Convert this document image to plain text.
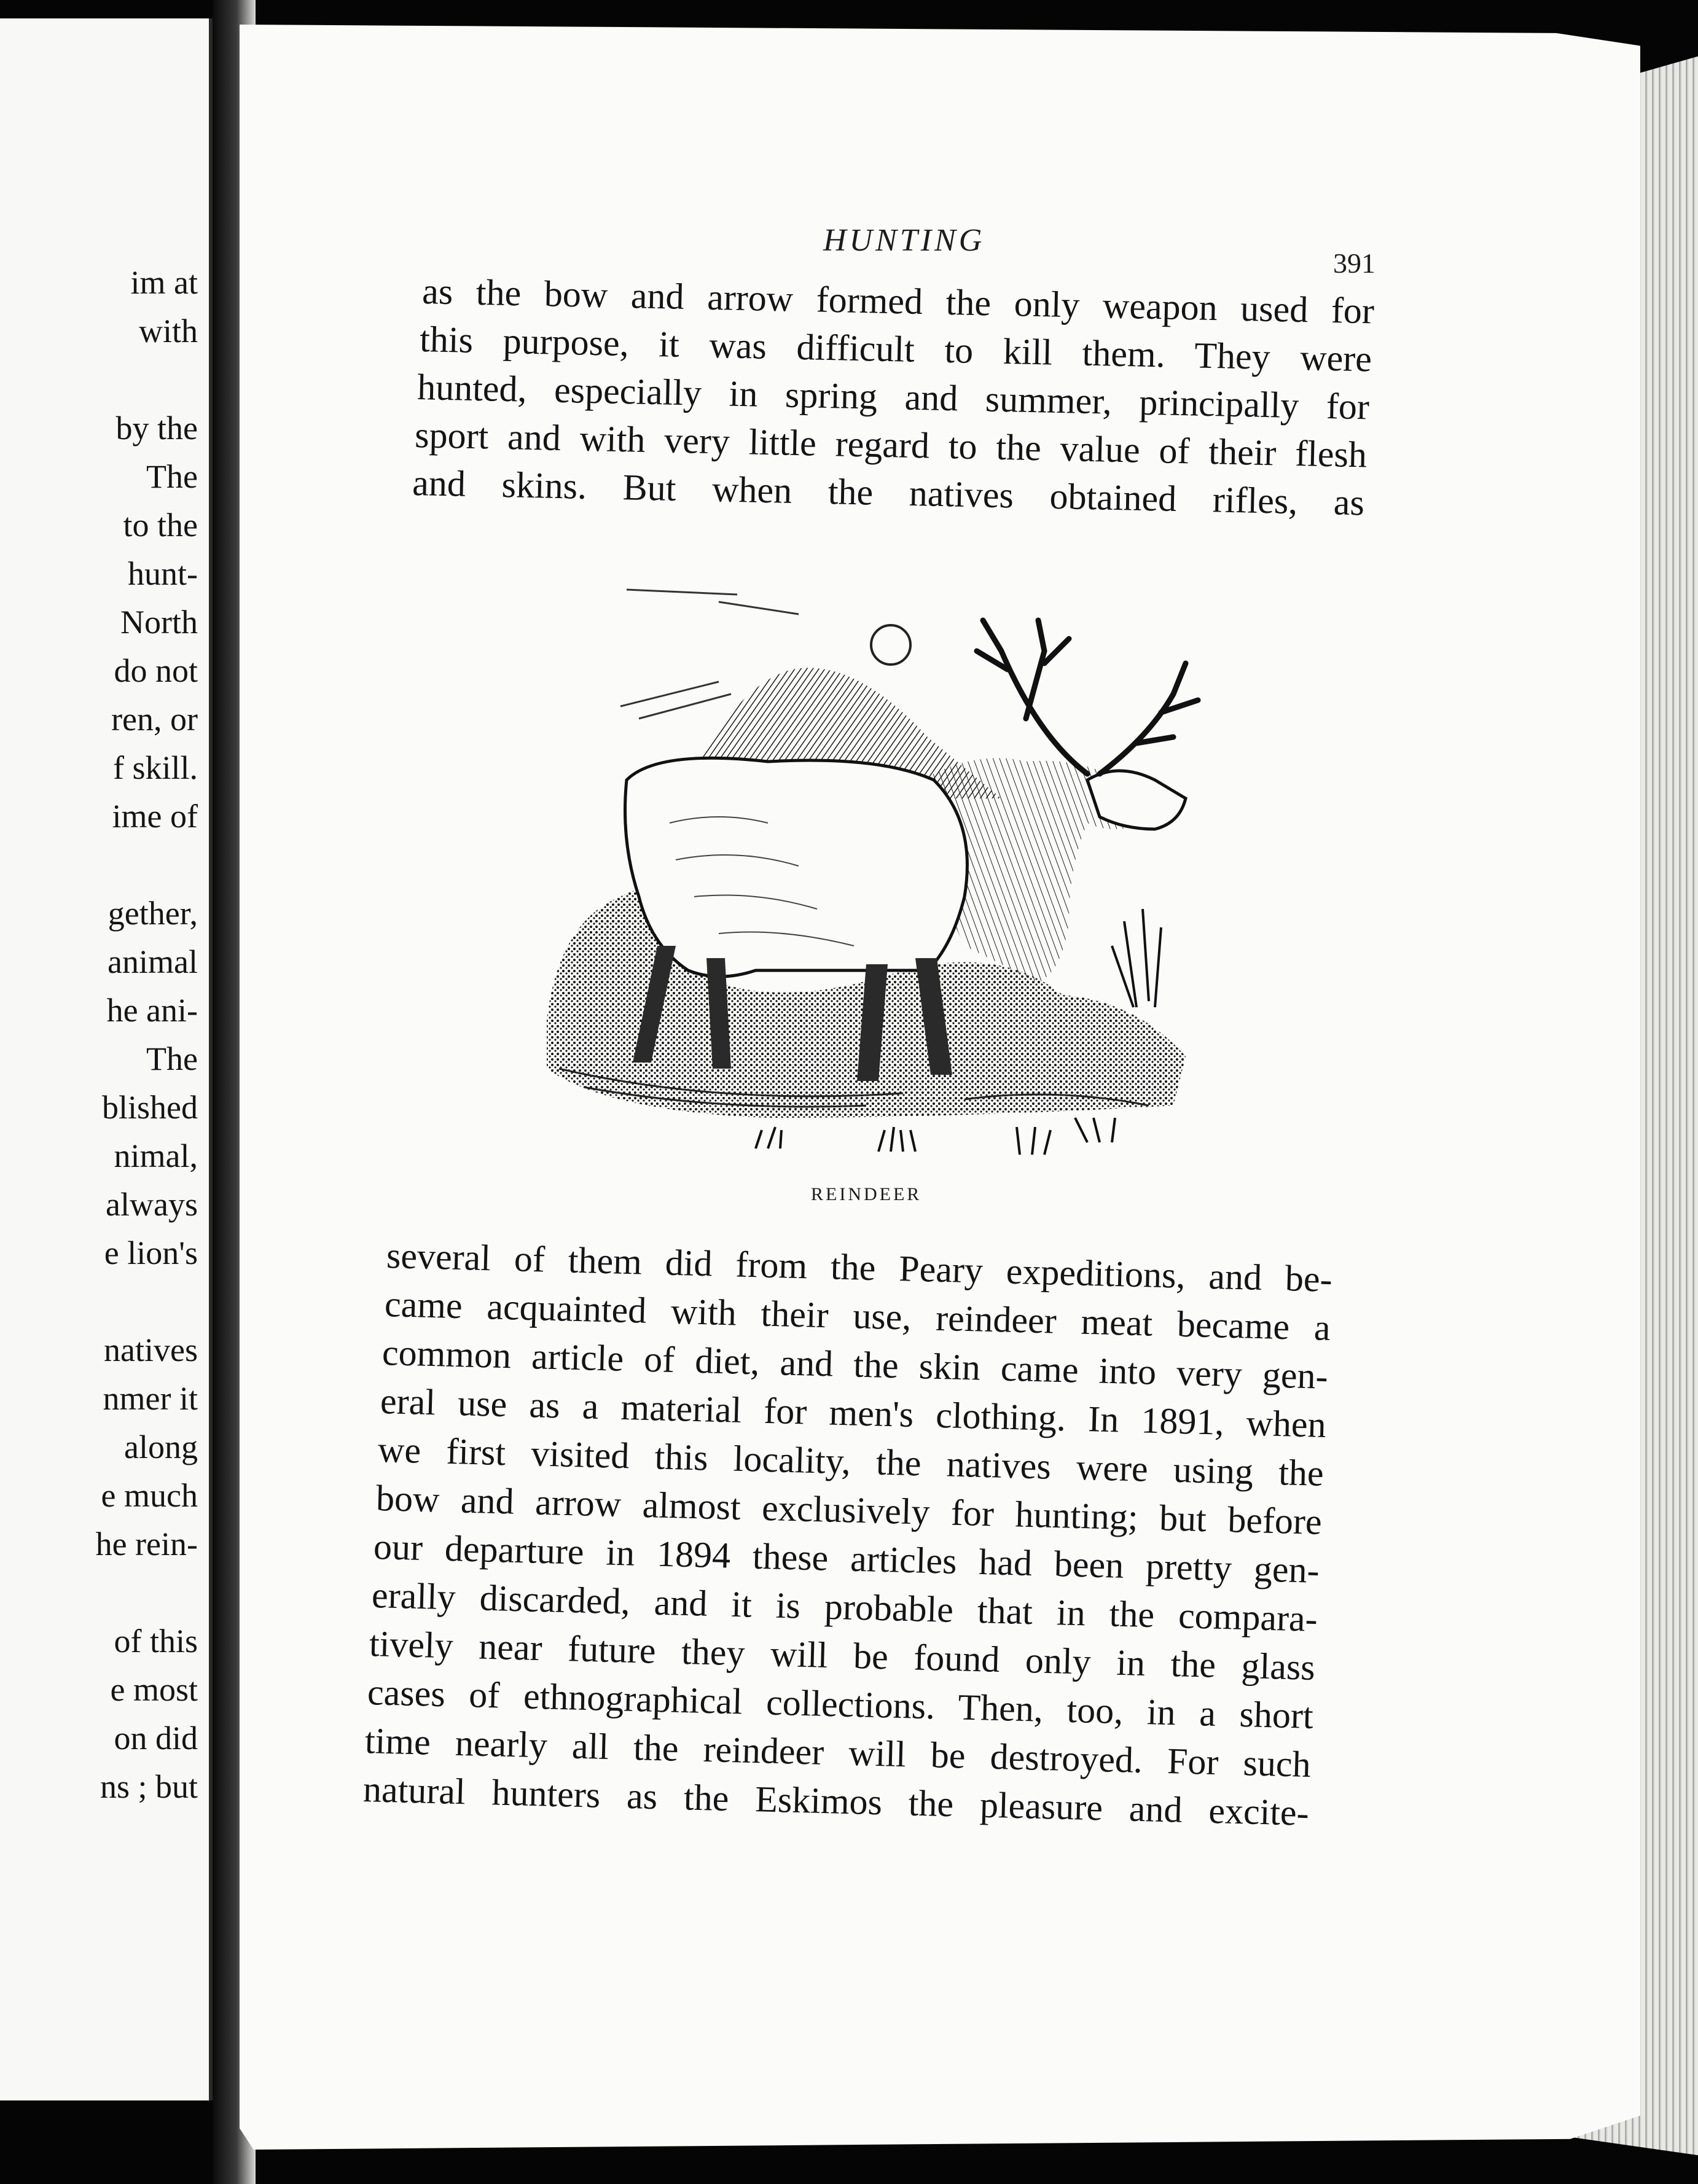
im at
with
by the
The
to the
hunt-
North
do not
ren, or
f skill.
ime of
gether,
animal
he ani-
The
blished
nimal,
always
e lion's
natives
nmer it
along
e much
he rein-
of this
e most
on did
ns ; but
HUNTING
391
as the bow and arrow formed the only weapon used for
this purpose, it was difficult to kill them. They were
hunted, especially in spring and summer, principally for
sport and with very little regard to the value of their flesh
and skins. But when the natives obtained rifles, as
REINDEER
several of them did from the Peary expeditions, and be-
came acquainted with their use, reindeer meat became a
common article of diet, and the skin came into very gen-
eral use as a material for men's clothing. In 1891, when
we first visited this locality, the natives were using the
bow and arrow almost exclusively for hunting; but before
our departure in 1894 these articles had been pretty gen-
erally discarded, and it is probable that in the compara-
tively near future they will be found only in the glass
cases of ethnographical collections. Then, too, in a short
time nearly all the reindeer will be destroyed. For such
natural hunters as the Eskimos the pleasure and excite-
